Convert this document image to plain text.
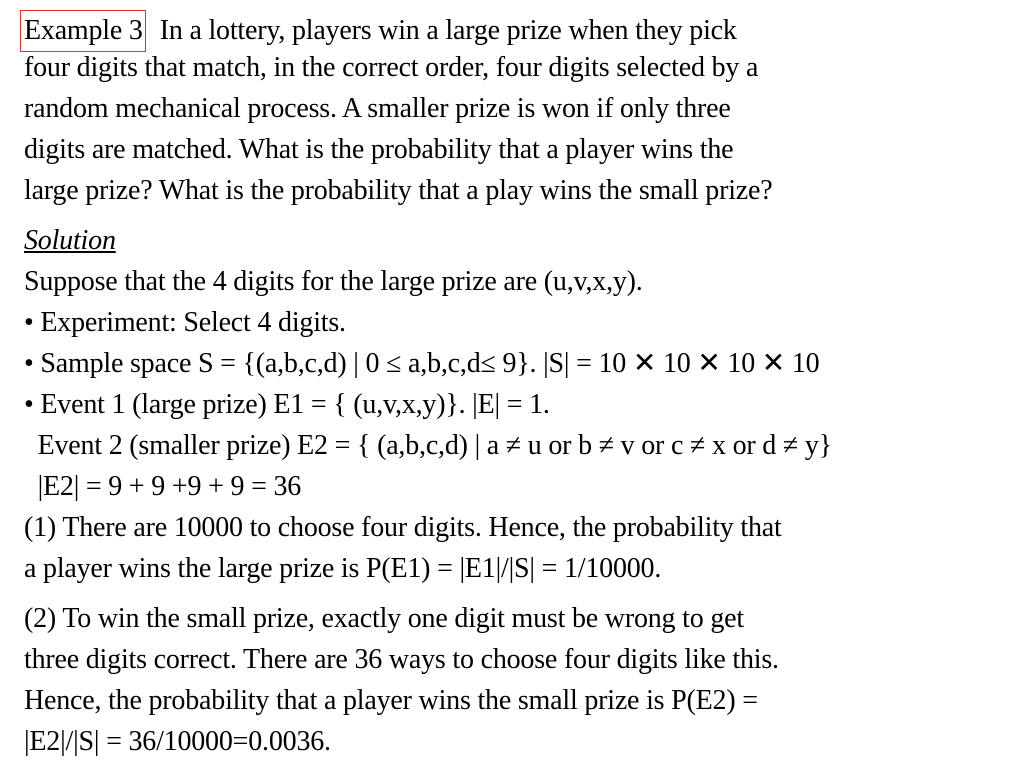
Example 3 In a lottery, players win a large prize when they pick
four digits that match, in the correct order, four digits selected by a
random mechanical process. A smaller prize is won if only three
digits are matched. What is the probability that a player wins the
large prize? What is the probability that a play wins the small prize?
Solution
Suppose that the 4 digits for the large prize are (u,v,x,y).
• Experiment: Select 4 digits.
• Sample space S = {(a,b,c,d) | 0 ≤ a,b,c,d≤ 9}. |S| = 10 ✕ 10 ✕ 10 ✕ 10
• Event 1 (large prize) E1 = { (u,v,x,y)}. |E| = 1.
Event 2 (smaller prize) E2 = { (a,b,c,d) | a ≠ u or b ≠ v or c ≠ x or d ≠ y}
|E2| = 9 + 9 +9 + 9 = 36
(1) There are 10000 to choose four digits. Hence, the probability that
a player wins the large prize is P(E1) = |E1|/|S| = 1/10000.
(2) To win the small prize, exactly one digit must be wrong to get
three digits correct. There are 36 ways to choose four digits like this.
Hence, the probability that a player wins the small prize is P(E2) =
|E2|/|S| = 36/10000=0.0036.
